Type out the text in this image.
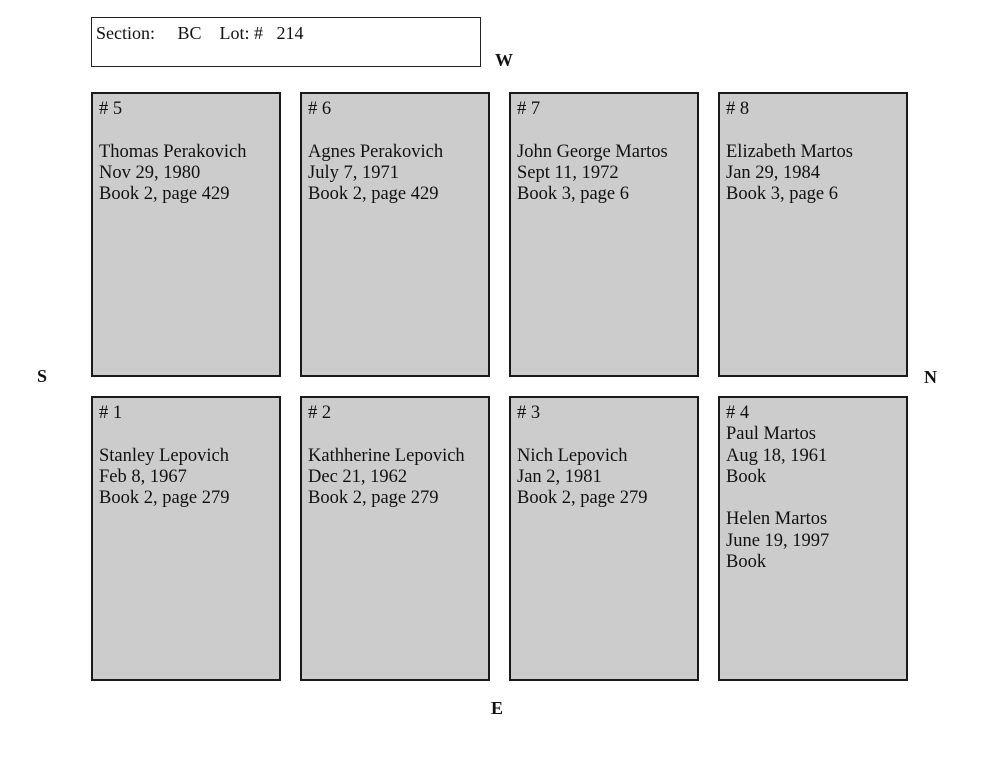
Section: BC Lot: # 214
W
E
S	N
# 5
Thomas Perakovich
Nov 29, 1980
Book 2, page 429
# 6
Agnes Perakovich
July 7, 1971
Book 2, page 429
# 7
John George Martos
Sept 11, 1972
Book 3, page 6
# 8
Elizabeth Martos
Jan 29, 1984
Book 3, page 6
# 1
Stanley Lepovich
Feb 8, 1967
Book 2, page 279
# 2
Kathherine Lepovich
Dec 21, 1962
Book 2, page 279
# 3
Nich Lepovich
Jan 2, 1981
Book 2, page 279
# 4
Paul Martos
Aug 18, 1961
Book
Helen Martos
June 19, 1997
Book
